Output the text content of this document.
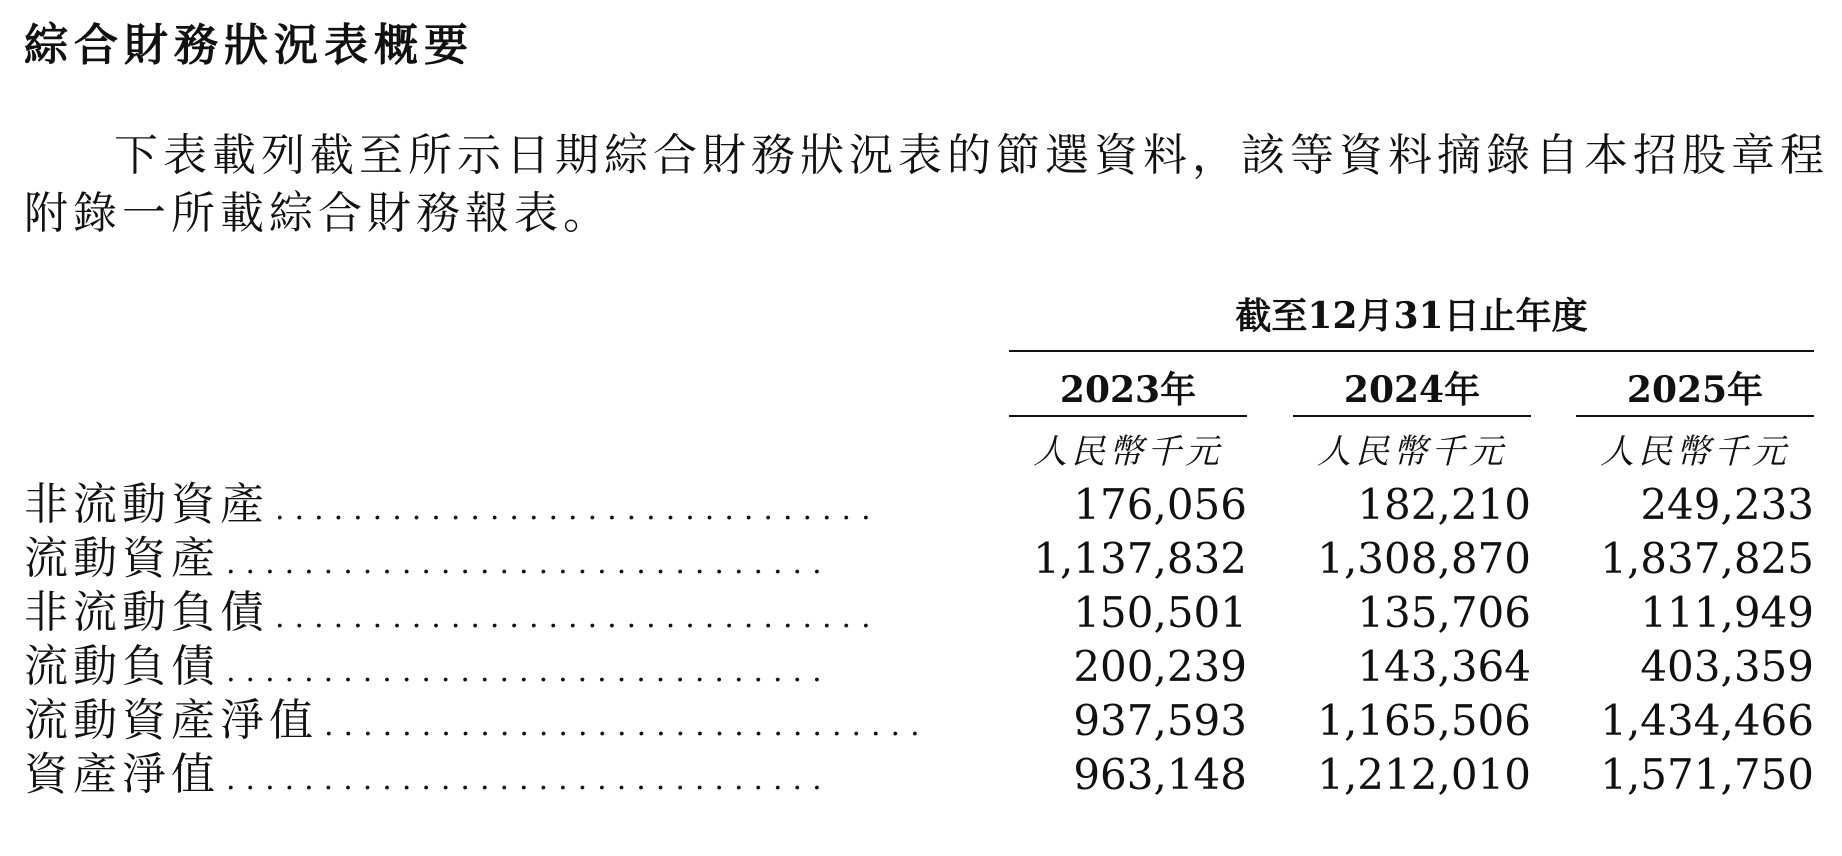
綜合財務狀況表概要
下表載列截至所示日期綜合財務狀況表的節選資料，該等資料摘錄自本招股章程
附錄一所載綜合財務報表。
截至12月31日止年度
2023年	2024年	2025年
人民幣千元	人民幣千元	人民幣千元
非流動資產 ...............................	176,056	182,210	249,233
流動資產 ...............................	1,137,832	1,308,870	1,837,825
非流動負債 ...............................	150,501	135,706	111,949
流動負債 ...............................	200,239	143,364	403,359
流動資產淨值 ...............................	937,593	1,165,506	1,434,466
資產淨值 ...............................	963,148	1,212,010	1,571,750
